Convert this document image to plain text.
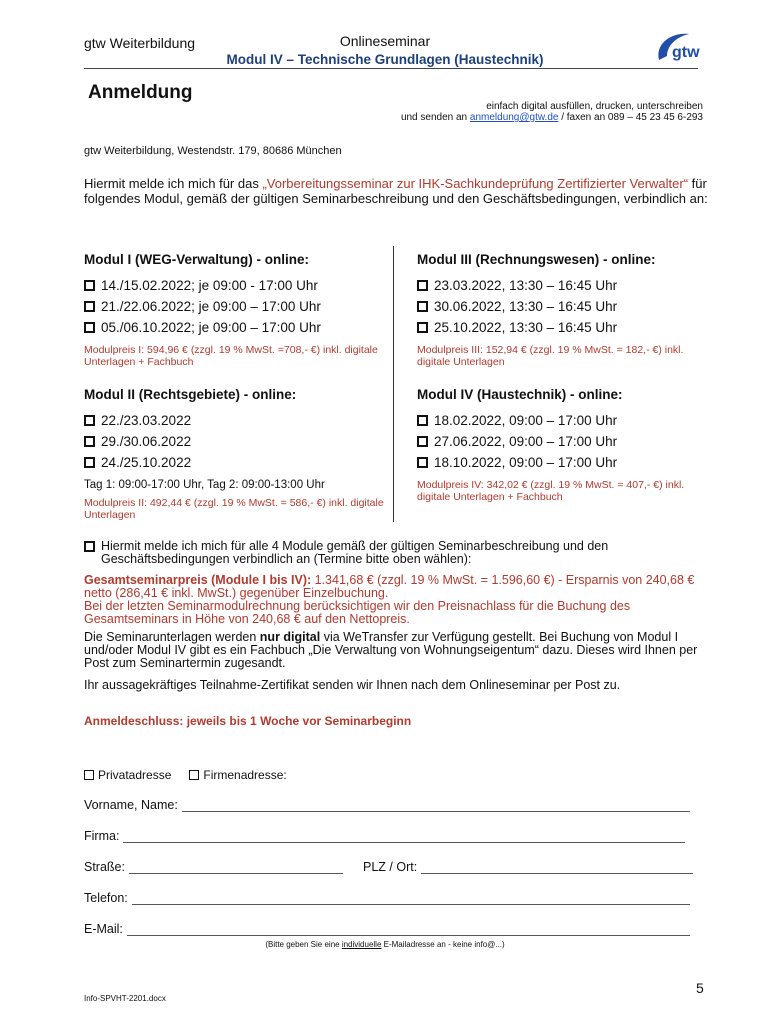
gtw Weiterbildung	Onlineseminar
Modul IV – Technische Grundlagen (Haustechnik)	gtw
Anmeldung
einfach digital ausfüllen, drucken, unterschreiben
und senden an anmeldung@gtw.de / faxen an 089 – 45 23 45 6-293
gtw Weiterbildung, Westendstr. 179, 80686 München
Hiermit melde ich mich für das „Vorbereitungsseminar zur IHK-Sachkundeprüfung Zertifizierter Verwalter“ für folgendes Modul, gemäß der gültigen Seminarbeschreibung und den Geschäftsbedingungen, verbindlich an:
Modul I (WEG-Verwaltung) - online:
14./15.02.2022; je 09:00 - 17:00 Uhr
21./22.06.2022; je 09:00 – 17:00 Uhr
05./06.10.2022; je 09:00 – 17:00 Uhr
Modulpreis I: 594,96 € (zzgl. 19 % MwSt. =708,- €) inkl. digitale Unterlagen + Fachbuch
Modul II (Rechtsgebiete) - online:
22./23.03.2022
29./30.06.2022
24./25.10.2022
Tag 1: 09:00-17:00 Uhr, Tag 2: 09:00-13:00 Uhr
Modulpreis II: 492,44 € (zzgl. 19 % MwSt. = 586,- €) inkl. digitale Unterlagen
Modul III (Rechnungswesen) - online:
23.03.2022, 13:30 – 16:45 Uhr
30.06.2022, 13:30 – 16:45 Uhr
25.10.2022, 13:30 – 16:45 Uhr
Modulpreis III: 152,94 € (zzgl. 19 % MwSt. = 182,- €) inkl. digitale Unterlagen
Modul IV (Haustechnik) - online:
18.02.2022, 09:00 – 17:00 Uhr
27.06.2022, 09:00 – 17:00 Uhr
18.10.2022, 09:00 – 17:00 Uhr
Modulpreis IV: 342,02 € (zzgl. 19 % MwSt. = 407,- €) inkl. digitale Unterlagen + Fachbuch
Hiermit melde ich mich für alle 4 Module gemäß der gültigen Seminarbeschreibung und den Geschäftsbedingungen verbindlich an (Termine bitte oben wählen):
Gesamtseminarpreis (Module I bis IV): 1.341,68 € (zzgl. 19 % MwSt. = 1.596,60 €) - Ersparnis von 240,68 € netto (286,41 € inkl. MwSt.) gegenüber Einzelbuchung.
Bei der letzten Seminarmodulrechnung berücksichtigen wir den Preisnachlass für die Buchung des Gesamtseminars in Höhe von 240,68 € auf den Nettopreis.
Die Seminarunterlagen werden nur digital via WeTransfer zur Verfügung gestellt. Bei Buchung von Modul I und/oder Modul IV gibt es ein Fachbuch „Die Verwaltung von Wohnungseigentum“ dazu. Dieses wird Ihnen per Post zum Seminartermin zugesandt.
Ihr aussagekräftiges Teilnahme-Zertifikat senden wir Ihnen nach dem Onlineseminar per Post zu.
Anmeldeschluss: jeweils bis 1 Woche vor Seminarbeginn
Privatadresse	Firmenadresse:
Vorname, Name:
Firma:
Straße:	PLZ / Ort:
Telefon:
E-Mail:
(Bitte geben Sie eine individuelle E-Mailadresse an - keine info@...)
5
Info-SPVHT-2201.docx
